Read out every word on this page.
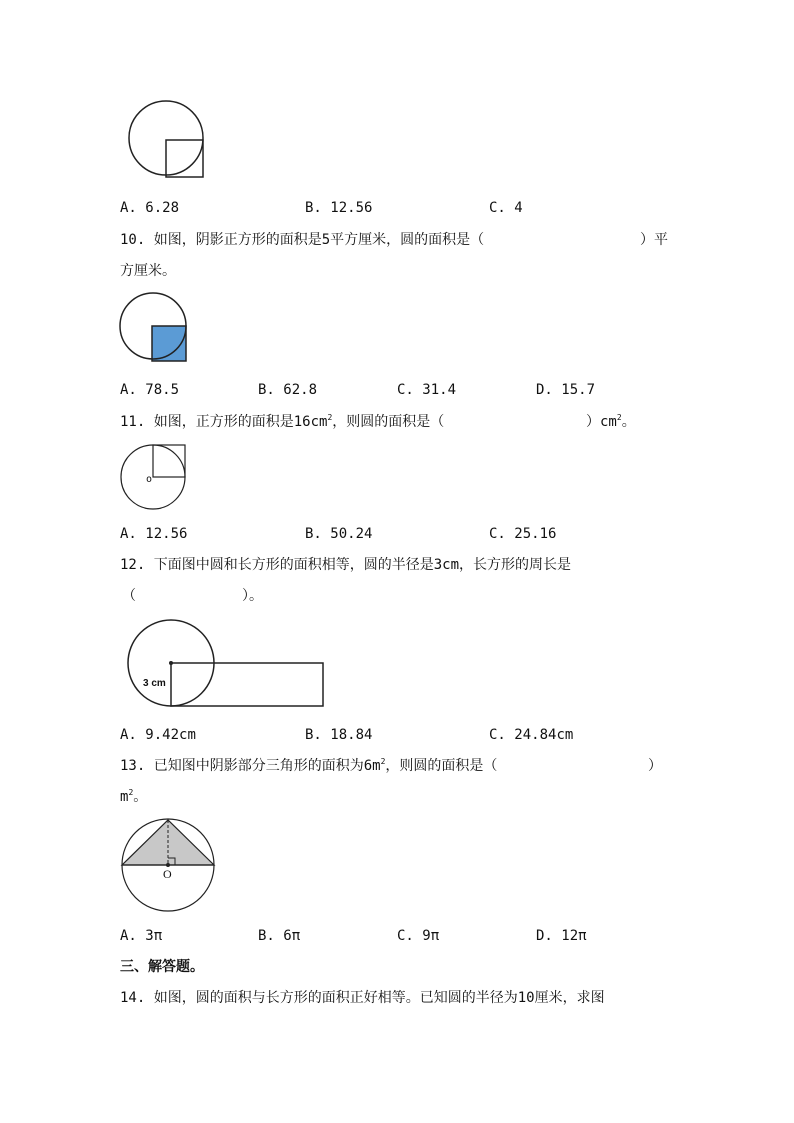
A. 6.28	B. 12.56	C. 4
10. 如图，阴影正方形的面积是5平方厘米，圆的面积是（	）平
方厘米。
A. 78.5	B. 62.8	C. 31.4	D. 15.7
11. 如图，正方形的面积是$16cm^2$，则圆的面积是（	）$cm^2$。
o
A. 12.56	B. 50.24	C. 25.16
12. 下面图中圆和长方形的面积相等，圆的半径是3cm，长方形的周长是
（	）。
3 cm
A. 9.42cm	B. 18.84	C. 24.84cm
13. 已知图中阴影部分三角形的面积为$6m^2$，则圆的面积是（	）
$m^2$。
O
A. 3π	B. 6π	C. 9π	D. 12π
三、解答题。
14. 如图，圆的面积与长方形的面积正好相等。已知圆的半径为10厘米，求图
